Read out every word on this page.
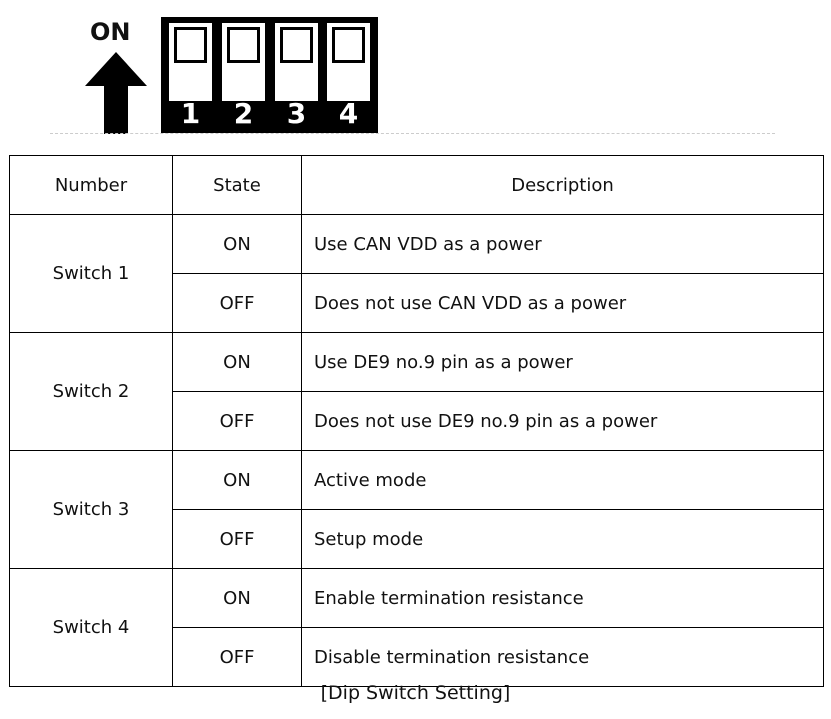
ON
1	2	3	4
Number	State	Description
Switch 1	ON	Use CAN VDD as a power
	OFF	Does not use CAN VDD as a power
Switch 2	ON	Use DE9 no.9 pin as a power
	OFF	Does not use DE9 no.9 pin as a power
Switch 3	ON	Active mode
	OFF	Setup mode
Switch 4	ON	Enable termination resistance
	OFF	Disable termination resistance
[Dip Switch Setting]
